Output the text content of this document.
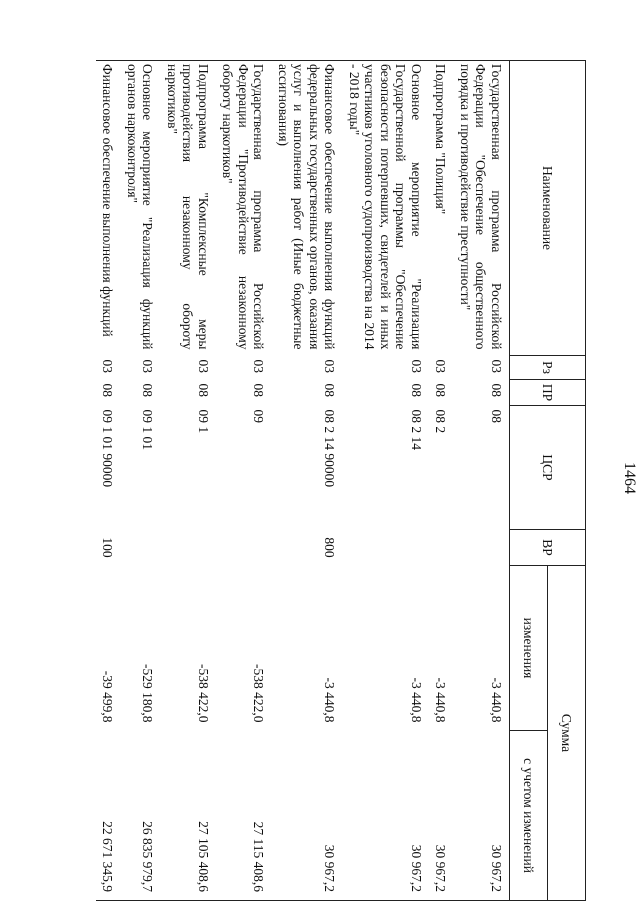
1464
Наименование	Рз	ПР	ЦСР	ВР	Сумма	
					изменения	с учетом изменений
Государственная программа Российской Федерации "Обеспечение общественного порядка и противодействие преступности"	03	08	08		-3 440,8	30 967,2
Подпрограмма "Полиция"	03	08	08 2		-3 440,8	30 967,2
Основное мероприятие "Реализация Государственной программы "Обеспечение безопасности потерпевших, свидетелей и иных участников уголовного судопроизводства на 2014 - 2018 годы"	03	08	08 2 14		-3 440,8	30 967,2
Финансовое обеспечение выполнения функций федеральных государственных органов, оказания услуг и выполнения работ (Иные бюджетные ассигнования)	03	08	08 2 14 90000	800	-3 440,8	30 967,2
Государственная программа Российской Федерации "Противодействие незаконному обороту наркотиков"	03	08	09		-538 422,0	27 115 408,6
Подпрограмма "Комплексные меры противодействия незаконному обороту наркотиков"	03	08	09 1		-538 422,0	27 105 408,6
Основное мероприятие "Реализация функций органов наркоконтроля"	03	08	09 1 01		-529 180,8	26 835 979,7
Финансовое обеспечение выполнения функций	03	08	09 1 01 90000	100	-39 499,8	22 671 345,9
